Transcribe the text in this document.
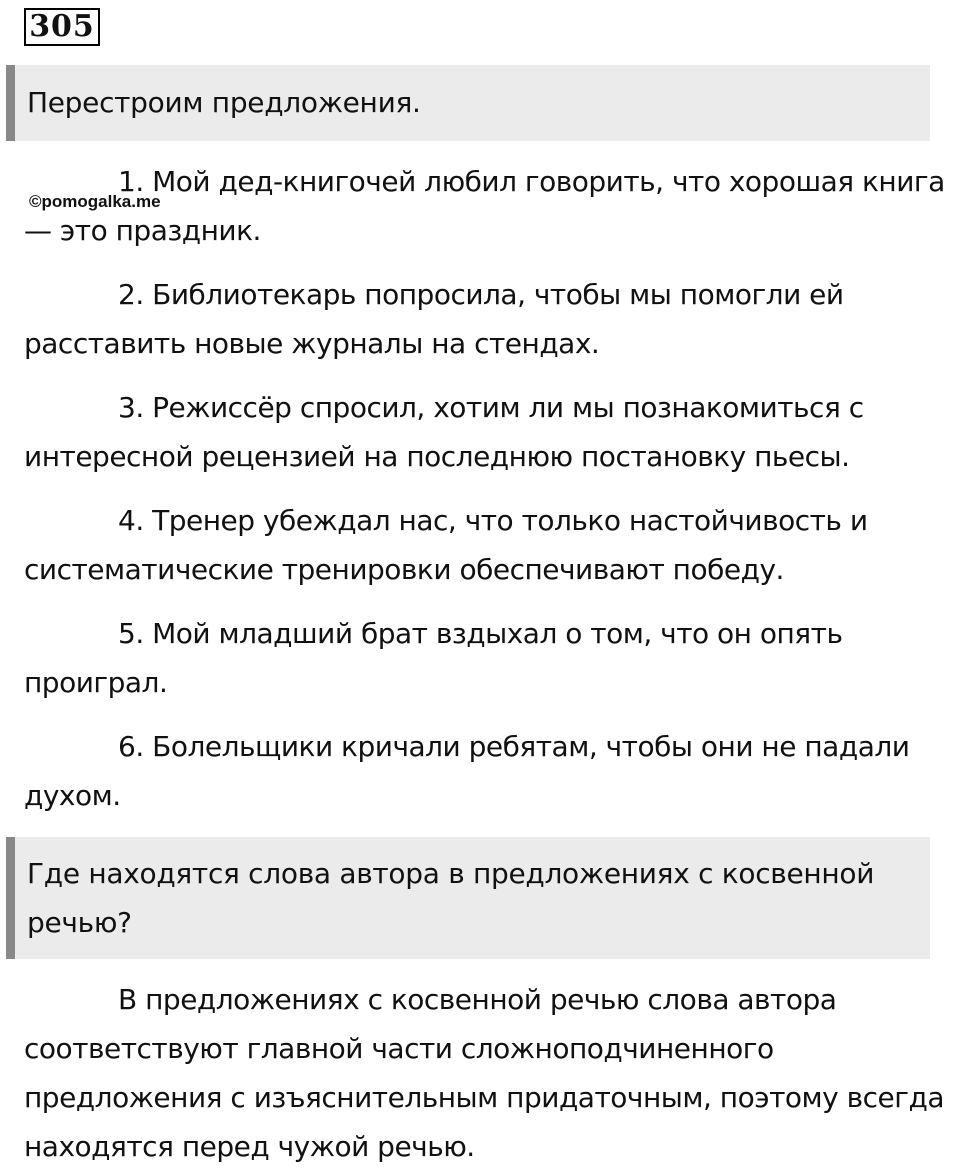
305
Перестроим предложения.
1. Мой дед-книгочей любил говорить, что хорошая книга — это праздник.
2. Библиотекарь попросила, чтобы мы помогли ей расставить новые журналы на стендах.
3. Режиссёр спросил, хотим ли мы познакомиться с интересной рецензией на последнюю постановку пьесы.
4. Тренер убеждал нас, что только настойчивость и систематические тренировки обеспечивают победу.
5. Мой младший брат вздыхал о том, что он опять проиграл.
6. Болельщики кричали ребятам, чтобы они не падали духом.
©pomogalka.me
Где находятся слова автора в предложениях с косвенной речью?

В предложениях с косвенной речью слова автора соответствуют главной части сложноподчиненного предложения с изъяснительным придаточным, поэтому всегда находятся перед чужой речью.
